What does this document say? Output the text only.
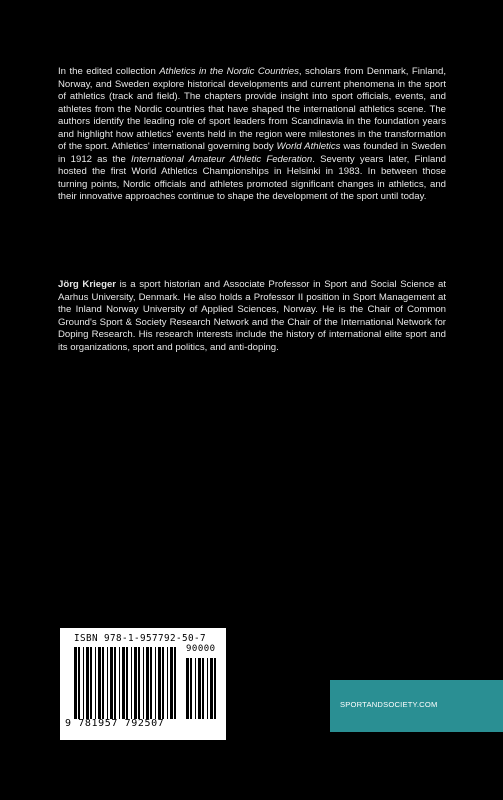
In the edited collection Athletics in the Nordic Countries, scholars from Denmark, Finland, Norway, and Sweden explore historical developments and current phenomena in the sport of athletics (track and field). The chapters provide insight into sport officials, events, and athletes from the Nordic countries that have shaped the international athletics scene. The authors identify the leading role of sport leaders from Scandinavia in the foundation years and highlight how athletics' events held in the region were milestones in the transformation of the sport. Athletics' international governing body World Athletics was founded in Sweden in 1912 as the International Amateur Athletic Federation. Seventy years later, Finland hosted the first World Athletics Championships in Helsinki in 1983. In between those turning points, Nordic officials and athletes promoted significant changes in athletics, and their innovative approaches continue to shape the development of the sport until today.

Jörg Krieger is a sport historian and Associate Professor in Sport and Social Science at Aarhus University, Denmark. He also holds a Professor II position in Sport Management at the Inland Norway University of Applied Sciences, Norway. He is the Chair of Common Ground's Sport & Society Research Network and the Chair of the International Network for Doping Research. His research interests include the history of international elite sport and its organizations, sport and politics, and anti-doping.

ISBN 978-1-957792-50-7
90000
9 781957 792507
SPORTANDSOCIETY.COM
